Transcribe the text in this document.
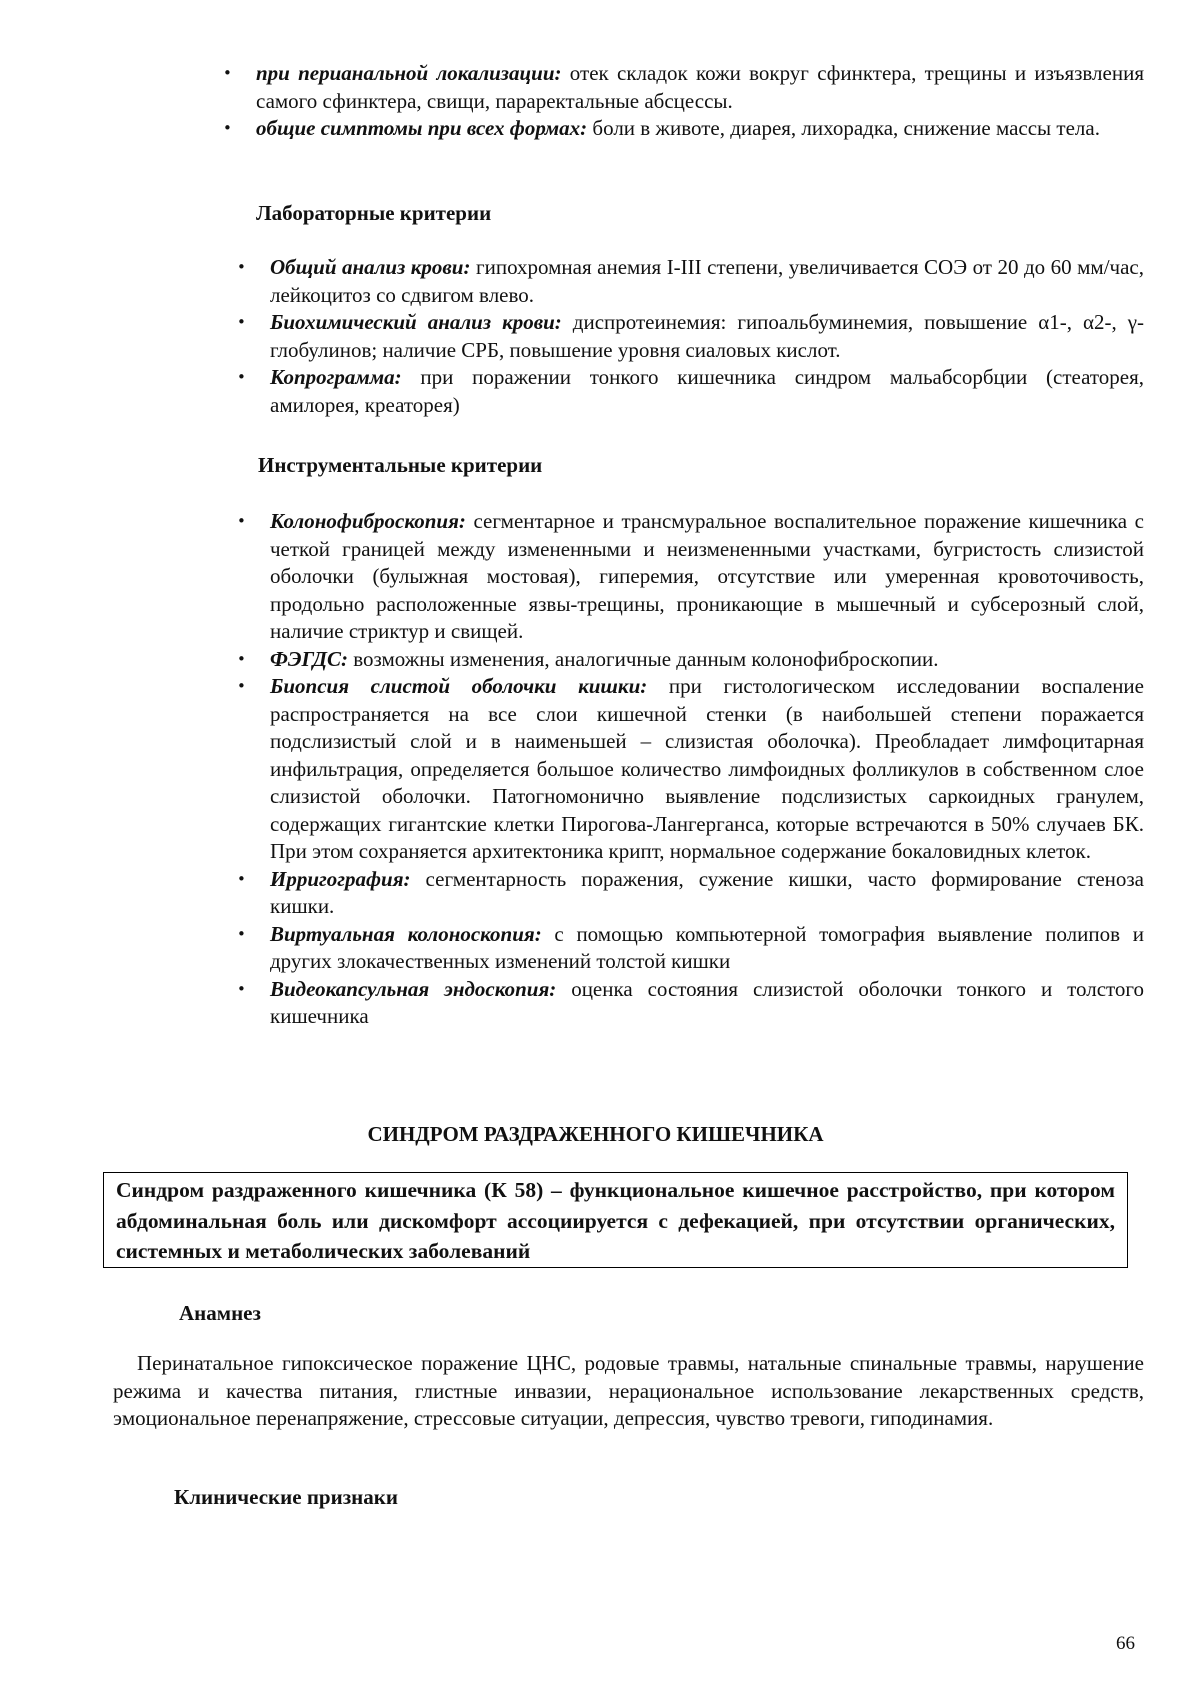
• при перианальной локализации: отек складок кожи вокруг сфинктера, трещины и изъязвления самого сфинктера, свищи, параректальные абсцессы.
• общие симптомы при всех формах: боли в животе, диарея, лихорадка, снижение массы тела.
Лабораторные критерии
• Общий анализ крови: гипохромная анемия I-III степени, увеличивается СОЭ от 20 до 60 мм/час, лейкоцитоз со сдвигом влево.
• Биохимический анализ крови: диспротеинемия: гипоальбуминемия, повышение α1-, α2-, γ-глобулинов; наличие СРБ, повышение уровня сиаловых кислот.
• Копрограмма: при поражении тонкого кишечника синдром мальабсорбции (стеаторея, амилорея, креаторея)
Инструментальные критерии
• Колонофиброскопия: сегментарное и трансмуральное воспалительное поражение кишечника с четкой границей между измененными и неизмененными участками, бугристость слизистой оболочки (булыжная мостовая), гиперемия, отсутствие или умеренная кровоточивость, продольно расположенные язвы-трещины, проникающие в мышечный и субсерозный слой, наличие стриктур и свищей.
• ФЭГДС: возможны изменения, аналогичные данным колонофиброскопии.
• Биопсия слистой оболочки кишки: при гистологическом исследовании воспаление распространяется на все слои кишечной стенки (в наибольшей степени поражается подслизистый слой и в наименьшей – слизистая оболочка). Преобладает лимфоцитарная инфильтрация, определяется большое количество лимфоидных фолликулов в собственном слое слизистой оболочки. Патогномонично выявление подслизистых саркоидных гранулем, содержащих гигантские клетки Пирогова-Лангерганса, которые встречаются в 50% случаев БК. При этом сохраняется архитектоника крипт, нормальное содержание бокаловидных клеток.
• Ирригография: сегментарность поражения, сужение кишки, часто формирование стеноза кишки.
• Виртуальная колоноскопия: с помощью компьютерной томография выявление полипов и других злокачественных изменений толстой кишки
• Видеокапсульная эндоскопия: оценка состояния слизистой оболочки тонкого и толстого кишечника
СИНДРОМ РАЗДРАЖЕННОГО КИШЕЧНИКА
Синдром раздраженного кишечника (К 58) – функциональное кишечное расстройство, при котором абдоминальная боль или дискомфорт ассоциируется с дефекацией, при отсутствии органических, системных и метаболических заболеваний
Анамнез

Перинатальное гипоксическое поражение ЦНС, родовые травмы, натальные спинальные травмы, нарушение режима и качества питания, глистные инвазии, нерациональное использование лекарственных средств, эмоциональное перенапряжение, стрессовые ситуации, депрессия, чувство тревоги, гиподинамия.

Клинические признаки
66
